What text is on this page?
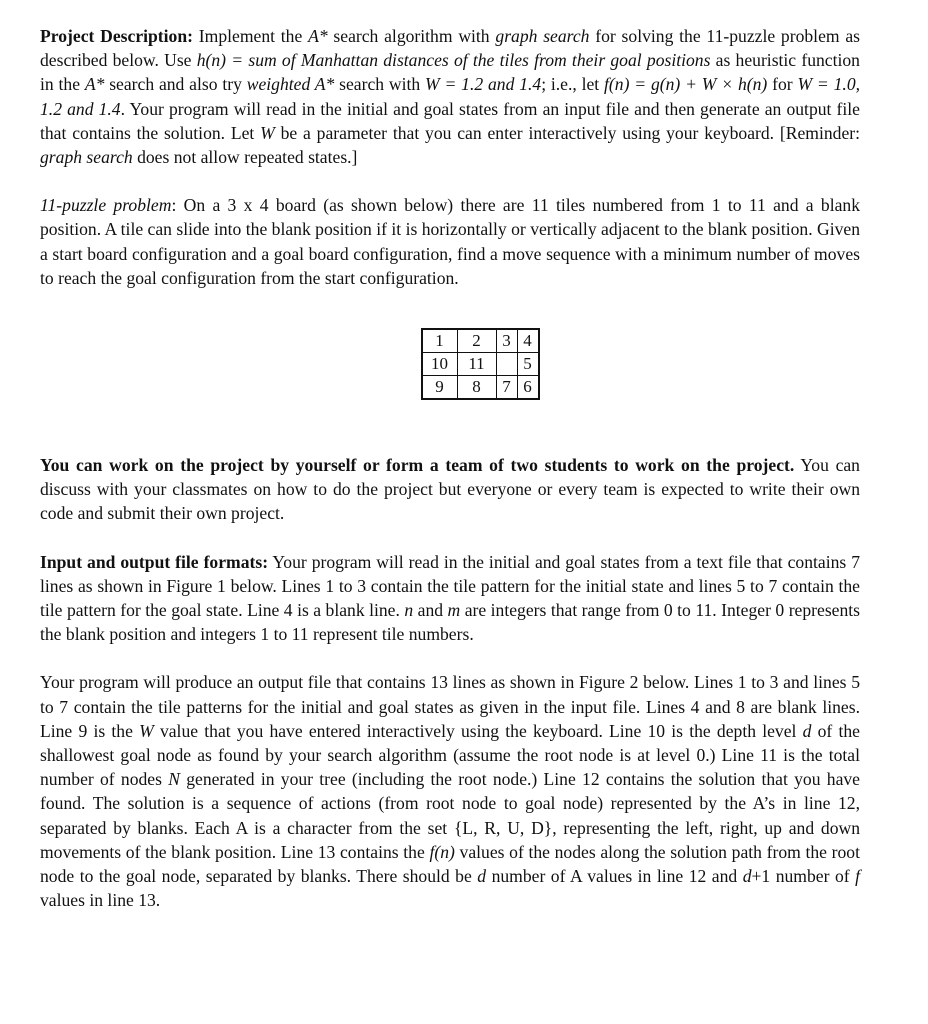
Project Description: Implement the A* search algorithm with graph search for solving the 11-puzzle problem as described below. Use h(n) = sum of Manhattan distances of the tiles from their goal positions as heuristic function in the A* search and also try weighted A* search with W = 1.2 and 1.4; i.e., let f(n) = g(n) + W × h(n) for W = 1.0, 1.2 and 1.4. Your program will read in the initial and goal states from an input file and then generate an output file that contains the solution. Let W be a parameter that you can enter interactively using your keyboard. [Reminder: graph search does not allow repeated states.]

11-puzzle problem: On a 3 x 4 board (as shown below) there are 11 tiles numbered from 1 to 11 and a blank position. A tile can slide into the blank position if it is horizontally or vertically adjacent to the blank position. Given a start board configuration and a goal board configuration, find a move sequence with a minimum number of moves to reach the goal configuration from the start configuration.

1	2	3	4
10	11		5
9	8	7	6

You can work on the project by yourself or form a team of two students to work on the project. You can discuss with your classmates on how to do the project but everyone or every team is expected to write their own code and submit their own project.

Input and output file formats: Your program will read in the initial and goal states from a text file that contains 7 lines as shown in Figure 1 below. Lines 1 to 3 contain the tile pattern for the initial state and lines 5 to 7 contain the tile pattern for the goal state. Line 4 is a blank line. n and m are integers that range from 0 to 11. Integer 0 represents the blank position and integers 1 to 11 represent tile numbers.

Your program will produce an output file that contains 13 lines as shown in Figure 2 below. Lines 1 to 3 and lines 5 to 7 contain the tile patterns for the initial and goal states as given in the input file. Lines 4 and 8 are blank lines. Line 9 is the W value that you have entered interactively using the keyboard. Line 10 is the depth level d of the shallowest goal node as found by your search algorithm (assume the root node is at level 0.) Line 11 is the total number of nodes N generated in your tree (including the root node.) Line 12 contains the solution that you have found. The solution is a sequence of actions (from root node to goal node) represented by the A’s in line 12, separated by blanks. Each A is a character from the set {L, R, U, D}, representing the left, right, up and down movements of the blank position. Line 13 contains the f(n) values of the nodes along the solution path from the root node to the goal node, separated by blanks. There should be d number of A values in line 12 and d+1 number of f values in line 13.
